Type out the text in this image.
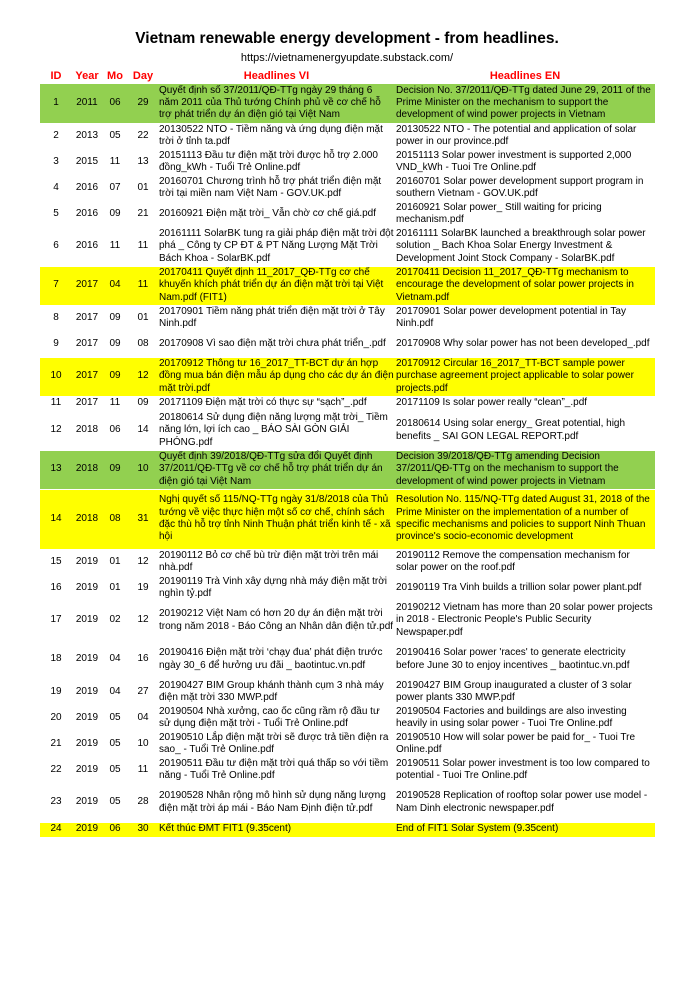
Vietnam renewable energy development - from headlines.
https://vietnamenergyupdate.substack.com/
ID	Year	Mo	Day	Headlines VI	Headlines EN
1	2011	06	29	Quyết định số 37/2011/QĐ-TTg ngày 29 tháng 6 năm 2011 của Thủ tướng Chính phủ về cơ chế hỗ trợ phát triển dự án điện gió tại Việt Nam	Decision No. 37/2011/QĐ-TTg dated June 29, 2011 of the Prime Minister on the mechanism to support the development of wind power projects in Vietnam
2	2013	05	22	20130522 NTO - Tiềm năng và ứng dụng điện mặt trời ở tỉnh ta.pdf	20130522 NTO - The potential and application of solar power in our province.pdf
3	2015	11	13	20151113 Đầu tư điện mặt trời được hỗ trợ 2.000 đồng_kWh - Tuổi Trẻ Online.pdf	20151113 Solar power investment is supported 2,000 VND_kWh - Tuoi Tre Online.pdf
4	2016	07	01	20160701 Chương trình hỗ trợ phát triển điện mặt trời tại miền nam Việt Nam - GOV.UK.pdf	20160701 Solar power development support program in southern Vietnam - GOV.UK.pdf
5	2016	09	21	20160921 Điện mặt trời_ Vẫn chờ cơ chế giá.pdf	20160921 Solar power_ Still waiting for pricing mechanism.pdf
6	2016	11	11	20161111 SolarBK tung ra giải pháp điện mặt trời đột phá _ Công ty CP ĐT & PT Năng Lượng Mặt Trời Bách Khoa - SolarBK.pdf	20161111 SolarBK launched a breakthrough solar power solution _ Bach Khoa Solar Energy Investment & Development Joint Stock Company - SolarBK.pdf
7	2017	04	11	20170411 Quyết định 11_2017_QĐ-TTg cơ chế khuyến khích phát triển dự án điện mặt trời tại Việt Nam.pdf (FIT1)	20170411 Decision 11_2017_QĐ-TTg mechanism to encourage the development of solar power projects in Vietnam.pdf
8	2017	09	01	20170901 Tiềm năng phát triển điện mặt trời ở Tây Ninh.pdf	20170901 Solar power development potential in Tay Ninh.pdf
9	2017	09	08	20170908 Vì sao điện mặt trời chưa phát triển_.pdf	20170908 Why solar power has not been developed_.pdf
10	2017	09	12	20170912 Thông tư 16_2017_TT-BCT dự án hợp đồng mua bán điện mẫu áp dụng cho các dự án điện mặt trời.pdf	20170912 Circular 16_2017_TT-BCT sample power purchase agreement project applicable to solar power projects.pdf
11	2017	11	09	20171109 Điện mặt trời có thực sự “sạch”_.pdf	20171109 Is solar power really “clean”_.pdf
12	2018	06	14	20180614 Sử dụng điện năng lượng mặt trời_ Tiềm năng lớn, lợi ích cao _ BÁO SÀI GÒN GIẢI PHÓNG.pdf	20180614 Using solar energy_ Great potential, high benefits _ SAI GON LEGAL REPORT.pdf
13	2018	09	10	Quyết định 39/2018/QĐ-TTg sửa đổi Quyết định 37/2011/QĐ-TTg về cơ chế hỗ trợ phát triển dự án điện gió tại Việt Nam	Decision 39/2018/QĐ-TTg amending Decision 37/2011/QĐ-TTg on the mechanism to support the development of wind power projects in Vietnam
14	2018	08	31	Nghị quyết số 115/NQ-TTg ngày 31/8/2018 của Thủ tướng về việc thực hiện một số cơ chế, chính sách đặc thù hỗ trợ tỉnh Ninh Thuận phát triển kinh tế - xã hội	Resolution No. 115/NQ-TTg dated August 31, 2018 of the Prime Minister on the implementation of a number of specific mechanisms and policies to support Ninh Thuan province's socio-economic development
15	2019	01	12	20190112 Bỏ cơ chế bù trừ điện mặt trời trên mái nhà.pdf	20190112 Remove the compensation mechanism for solar power on the roof.pdf
16	2019	01	19	20190119 Trà Vinh xây dựng nhà máy điện mặt trời nghìn tỷ.pdf	20190119 Tra Vinh builds a trillion solar power plant.pdf
17	2019	02	12	20190212 Việt Nam có hơn 20 dự án điện mặt trời trong năm 2018 - Báo Công an Nhân dân điện tử.pdf	20190212 Vietnam has more than 20 solar power projects in 2018 - Electronic People's Public Security Newspaper.pdf
18	2019	04	16	20190416 Điện mặt trời ‘chạy đua’ phát điện trước ngày 30_6 để hưởng ưu đãi _ baotintuc.vn.pdf	20190416 Solar power 'races' to generate electricity before June 30 to enjoy incentives _ baotintuc.vn.pdf
19	2019	04	27	20190427 BIM Group khánh thành cụm 3 nhà máy điện mặt trời 330 MWP.pdf	20190427 BIM Group inaugurated a cluster of 3 solar power plants 330 MWP.pdf
20	2019	05	04	20190504 Nhà xưởng, cao ốc cũng rầm rộ đầu tư sử dụng điện mặt trời - Tuổi Trẻ Online.pdf	20190504 Factories and buildings are also investing heavily in using solar power - Tuoi Tre Online.pdf
21	2019	05	10	20190510 Lắp điện mặt trời sẽ được trả tiền điện ra sao_ - Tuổi Trẻ Online.pdf	20190510 How will solar power be paid for_ - Tuoi Tre Online.pdf
22	2019	05	11	20190511 Đầu tư điện mặt trời quá thấp so với tiềm năng - Tuổi Trẻ Online.pdf	20190511 Solar power investment is too low compared to potential - Tuoi Tre Online.pdf
23	2019	05	28	20190528 Nhân rộng mô hình sử dụng năng lượng điện mặt trời áp mái - Báo Nam Định điện tử.pdf	20190528 Replication of rooftop solar power use model - Nam Dinh electronic newspaper.pdf
24	2019	06	30	Kết thúc ĐMT FIT1 (9.35cent)	End of FIT1 Solar System (9.35cent)
